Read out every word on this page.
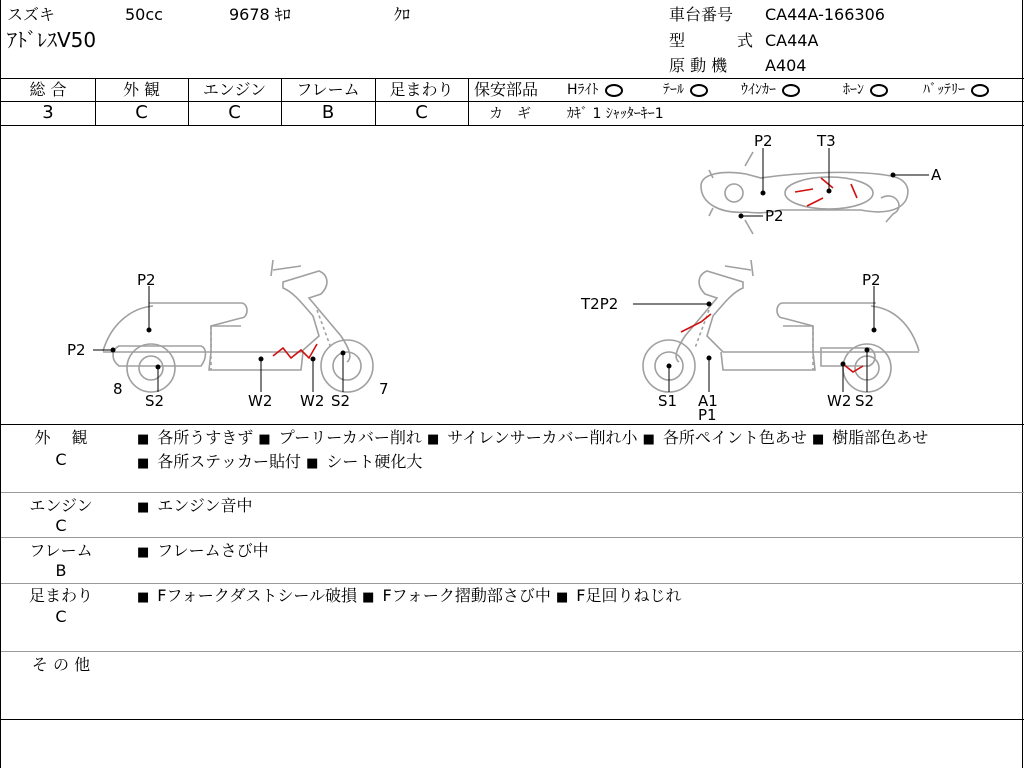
スズキ	50cc	9678 ｷﾛ	ｸﾛ
ｱﾄﾞﾚｽV50
車台番号 CA44A-166306
型	式 CA44A
原 動 機 A404
総 合	外 観	エンジン	フレーム	足まわり
3	C	C	B	C
保安部品 Hﾗｲﾄ	ﾃｰﾙ	ｳｲﾝｶｰ	ﾎｰﾝ	ﾊﾞｯﾃﾘｰ
カ　ギ	ｶｷﾞ 1 ｼｬｯﾀｰｷｰ1
P2	T3
A
P2
P2
P2
8
S2	W2 W2 S2
7
T2P2
P2
S1 A1
P1
W2 S2
外　 観
C
■ 各所うすきず ■ プーリーカバー削れ ■ サイレンサーカバー削れ小 ■ 各所ペイント色あせ ■ 樹脂部色あせ ■ 各所ステッカー貼付 ■ シート硬化大
エンジン
C
■ エンジン音中
フレーム
B
■ フレームさび中
足まわり
C
■ Fフォークダストシール破損 ■ Fフォーク摺動部さび中 ■ F足回りねじれ
そ の 他
